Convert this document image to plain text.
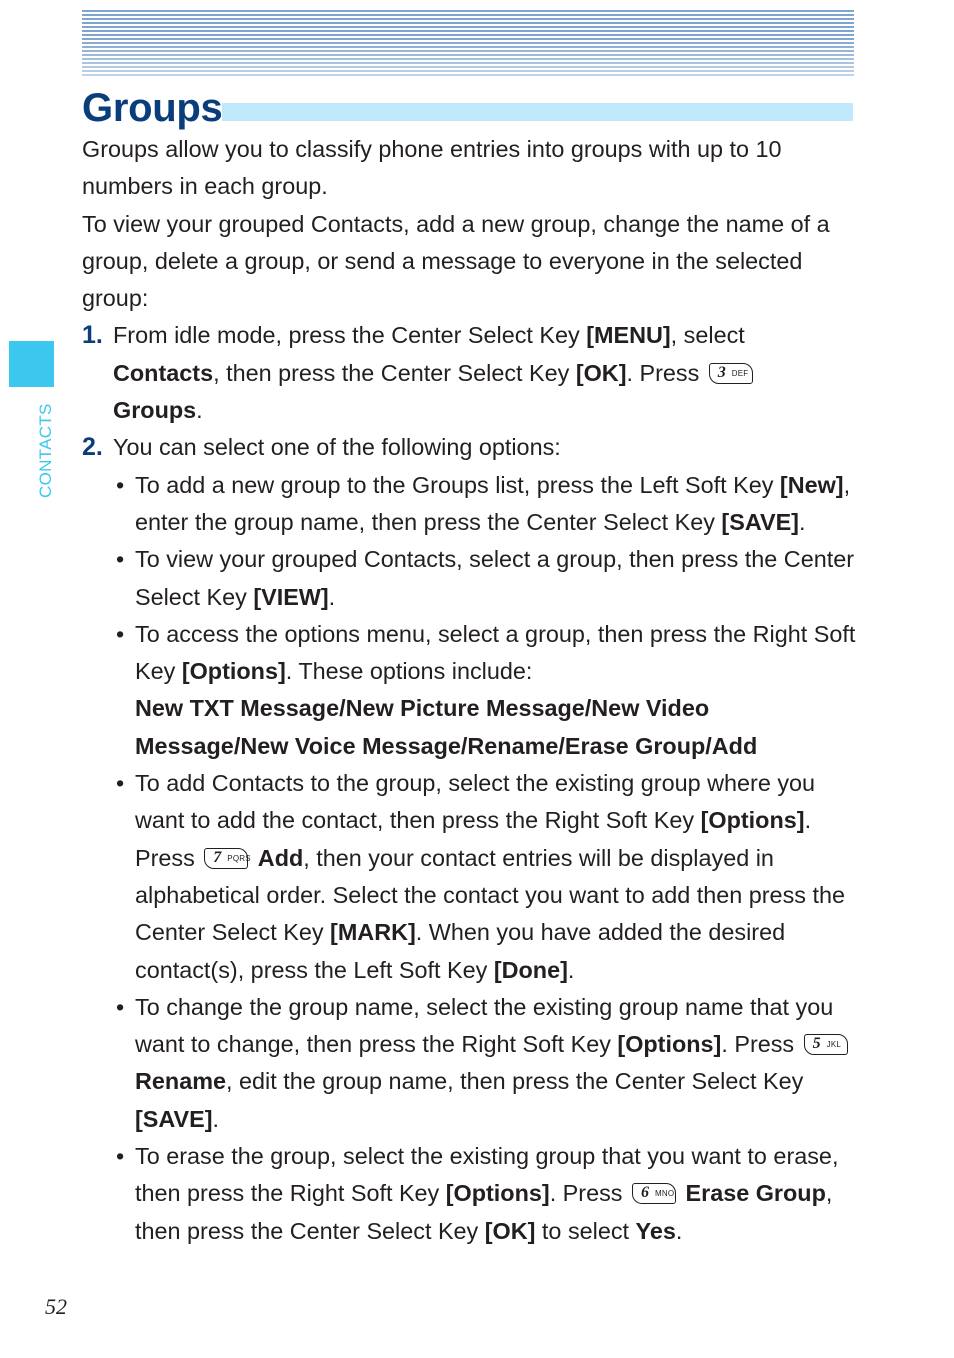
Groups
CONTACTS

Groups allow you to classify phone entries into groups with up to 10 numbers in each group.

To view your grouped Contacts, add a new group, change the name of a group, delete a group, or send a message to everyone in the selected group:

1. From idle mode, press the Center Select Key [MENU], select Contacts, then press the Center Select Key [OK]. Press 3 DEF

Groups.

2. You can select one of the following options:

• To add a new group to the Groups list, press the Left Soft Key [New], enter the group name, then press the Center Select Key [SAVE].

• To view your grouped Contacts, select a group, then press the Center Select Key [VIEW].

• To access the options menu, select a group, then press the Right Soft Key [Options]. These options include:
New TXT Message/New Picture Message/New Video Message/New Voice Message/Rename/Erase Group/Add

• To add Contacts to the group, select the existing group where you want to add the contact, then press the Right Soft Key [Options]. Press 7 PQRS Add, then your contact entries will be displayed in alphabetical order. Select the contact you want to add then press the Center Select Key [MARK]. When you have added the desired contact(s), press the Left Soft Key [Done].

• To change the group name, select the existing group name that you want to change, then press the Right Soft Key [Options]. Press 5 JKL
Rename, edit the group name, then press the Center Select Key [SAVE].

• To erase the group, select the existing group that you want to erase, then press the Right Soft Key [Options]. Press 6 MNO Erase Group, then press the Center Select Key [OK] to select Yes.

52
